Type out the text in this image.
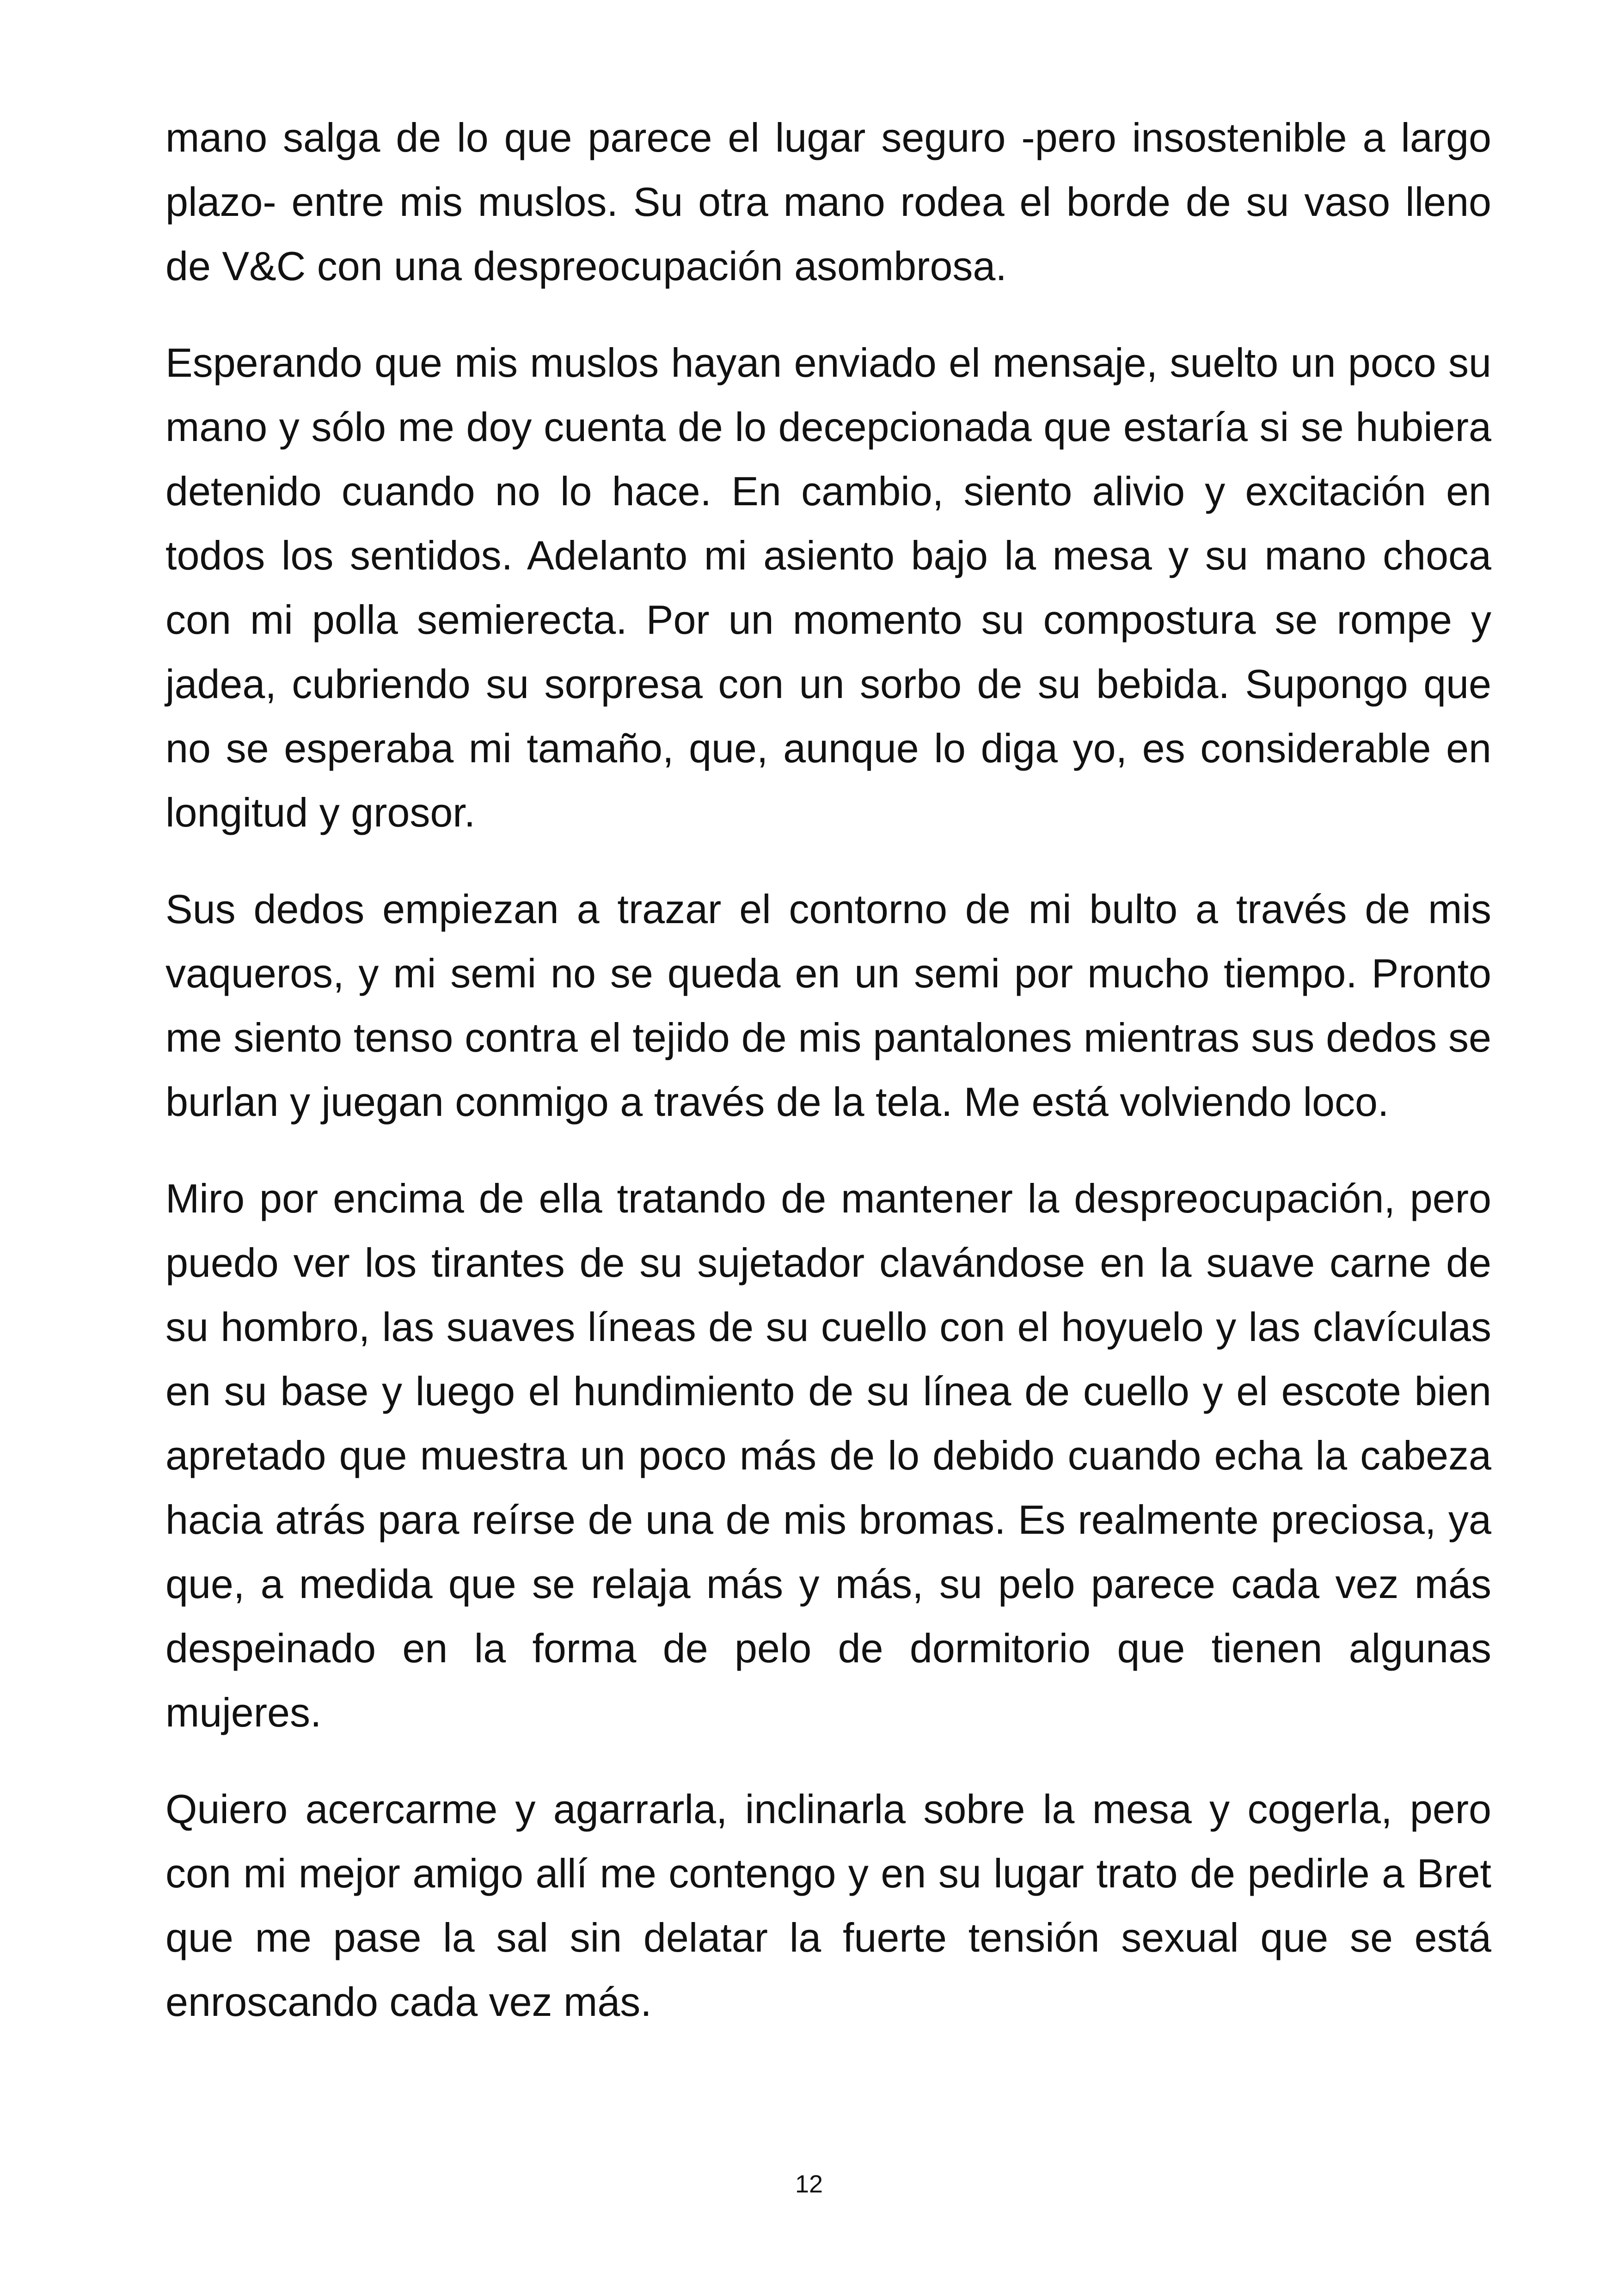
mano salga de lo que parece el lugar seguro -pero insostenible a largo plazo- entre mis muslos. Su otra mano rodea el borde de su vaso lleno de V&C con una despreocupación asombrosa.

Esperando que mis muslos hayan enviado el mensaje, suelto un poco su mano y sólo me doy cuenta de lo decepcionada que estaría si se hubiera detenido cuando no lo hace. En cambio, siento alivio y excitación en todos los sentidos. Adelanto mi asiento bajo la mesa y su mano choca con mi polla semierecta. Por un momento su compostura se rompe y jadea, cubriendo su sorpresa con un sorbo de su bebida. Supongo que no se esperaba mi tamaño, que, aunque lo diga yo, es considerable en longitud y grosor.

Sus dedos empiezan a trazar el contorno de mi bulto a través de mis vaqueros, y mi semi no se queda en un semi por mucho tiempo. Pronto me siento tenso contra el tejido de mis pantalones mientras sus dedos se burlan y juegan conmigo a través de la tela. Me está volviendo loco.

Miro por encima de ella tratando de mantener la despreocupación, pero puedo ver los tirantes de su sujetador clavándose en la suave carne de su hombro, las suaves líneas de su cuello con el hoyuelo y las clavículas en su base y luego el hundimiento de su línea de cuello y el escote bien apretado que muestra un poco más de lo debido cuando echa la cabeza hacia atrás para reírse de una de mis bromas. Es realmente preciosa, ya que, a medida que se relaja más y más, su pelo parece cada vez más despeinado en la forma de pelo de dormitorio que tienen algunas mujeres.

Quiero acercarme y agarrarla, inclinarla sobre la mesa y cogerla, pero con mi mejor amigo allí me contengo y en su lugar trato de pedirle a Bret que me pase la sal sin delatar la fuerte tensión sexual que se está enroscando cada vez más.

12
